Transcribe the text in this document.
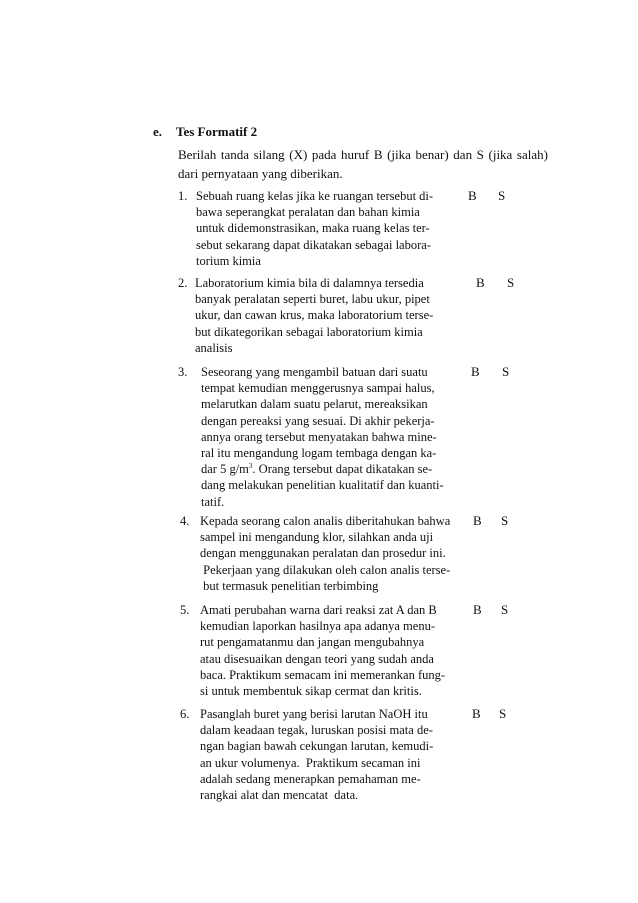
e. Tes Formatif 2
Berilah tanda silang (X) pada huruf B (jika benar) dan S (jika salah)
dari pernyataan yang diberikan.
1. Sebuah ruang kelas jika ke ruangan tersebut di-
bawa seperangkat peralatan dan bahan kimia
untuk didemonstrasikan, maka ruang kelas ter-
sebut sekarang dapat dikatakan sebagai labora-
torium kimia
B S
2. Laboratorium kimia bila di dalamnya tersedia
banyak peralatan seperti buret, labu ukur, pipet
ukur, dan cawan krus, maka laboratorium terse-
but dikategorikan sebagai laboratorium kimia
analisis
B S
3. Seseorang yang mengambil batuan dari suatu
tempat kemudian menggerusnya sampai halus,
melarutkan dalam suatu pelarut, mereaksikan
dengan pereaksi yang sesuai. Di akhir pekerja-
annya orang tersebut menyatakan bahwa mine-
ral itu mengandung logam tembaga dengan ka-
dar 5 $g/m^3$. Orang tersebut dapat dikatakan se-
dang melakukan penelitian kualitatif dan kuanti-
tatif.
B S
4. Kepada seorang calon analis diberitahukan bahwa
sampel ini mengandung klor, silahkan anda uji
dengan menggunakan peralatan dan prosedur ini.
Pekerjaan yang dilakukan oleh calon analis terse-
but termasuk penelitian terbimbing
B S
5. Amati perubahan warna dari reaksi zat A dan B
kemudian laporkan hasilnya apa adanya menu-
rut pengamatanmu dan jangan mengubahnya
atau disesuaikan dengan teori yang sudah anda
baca. Praktikum semacam ini memerankan fung-
si untuk membentuk sikap cermat dan kritis.
B S
6. Pasanglah buret yang berisi larutan NaOH itu
dalam keadaan tegak, luruskan posisi mata de-
ngan bagian bawah cekungan larutan, kemudi-
an ukur volumenya.  Praktikum secaman ini
adalah sedang menerapkan pemahaman me-
rangkai alat dan mencatat  data.
B S
